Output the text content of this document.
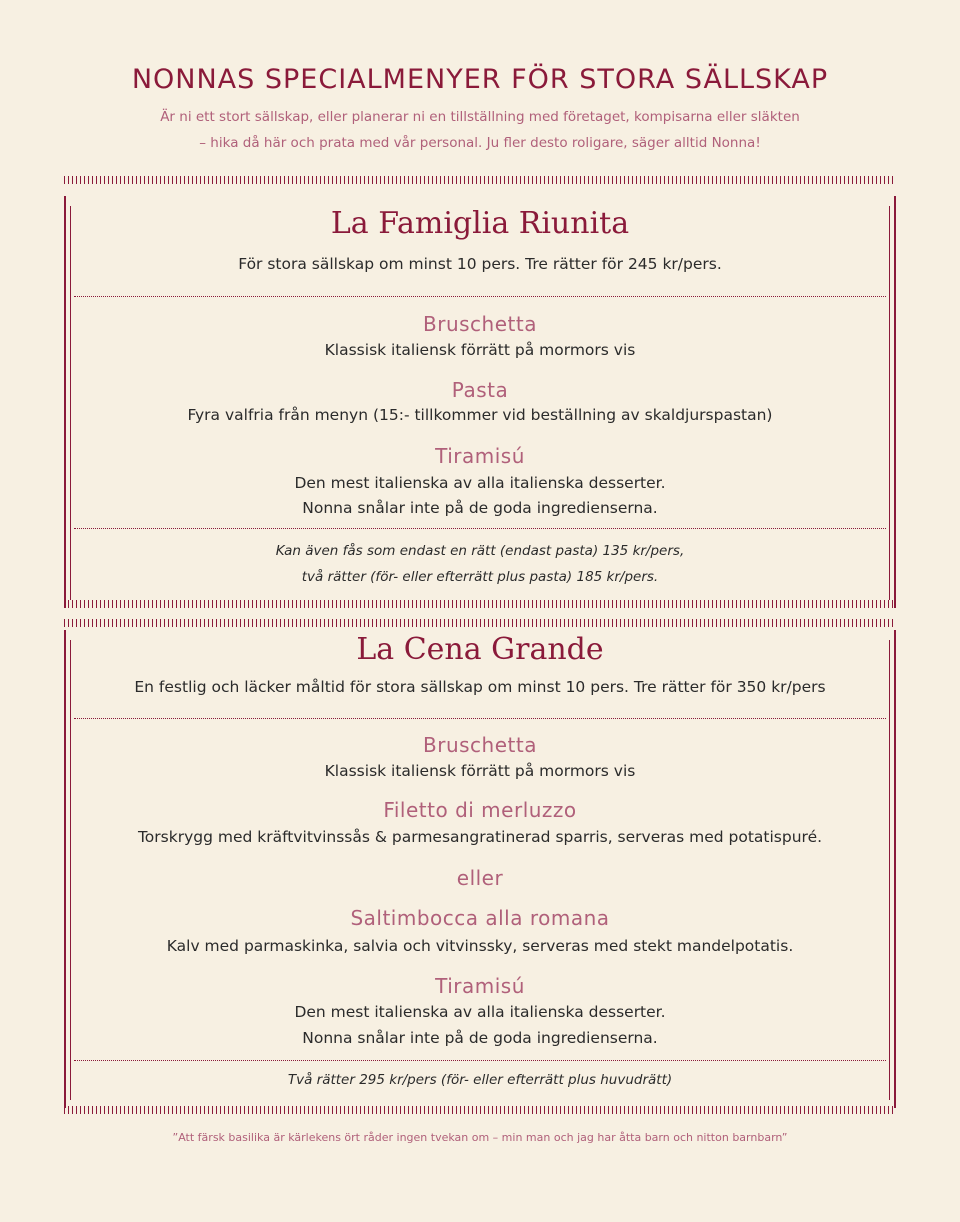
NONNAS SPECIALMENYER FÖR STORA SÄLLSKAP
Är ni ett stort sällskap, eller planerar ni en tillställning med företaget, kompisarna eller släkten
– hika då här och prata med vår personal. Ju fler desto roligare, säger alltid Nonna!
La Famiglia Riunita
För stora sällskap om minst 10 pers. Tre rätter för 245 kr/pers.
Bruschetta
Klassisk italiensk förrätt på mormors vis
Pasta
Fyra valfria från menyn (15:- tillkommer vid beställning av skaldjurspastan)
Tiramisú
Den mest italienska av alla italienska desserter.
Nonna snålar inte på de goda ingredienserna.
Kan även fås som endast en rätt (endast pasta) 135 kr/pers,
två rätter (för- eller efterrätt plus pasta) 185 kr/pers.
La Cena Grande
En festlig och läcker måltid för stora sällskap om minst 10 pers. Tre rätter för 350 kr/pers
Bruschetta
Klassisk italiensk förrätt på mormors vis
Filetto di merluzzo
Torskrygg med kräftvitvinssås & parmesangratinerad sparris, serveras med potatispuré.
eller
Saltimbocca alla romana
Kalv med parmaskinka, salvia och vitvinssky, serveras med stekt mandelpotatis.
Tiramisú
Den mest italienska av alla italienska desserter.
Nonna snålar inte på de goda ingredienserna.
Två rätter 295 kr/pers (för- eller efterrätt plus huvudrätt)
”Att färsk basilika är kärlekens ört råder ingen tvekan om – min man och jag har åtta barn och nitton barnbarn”
